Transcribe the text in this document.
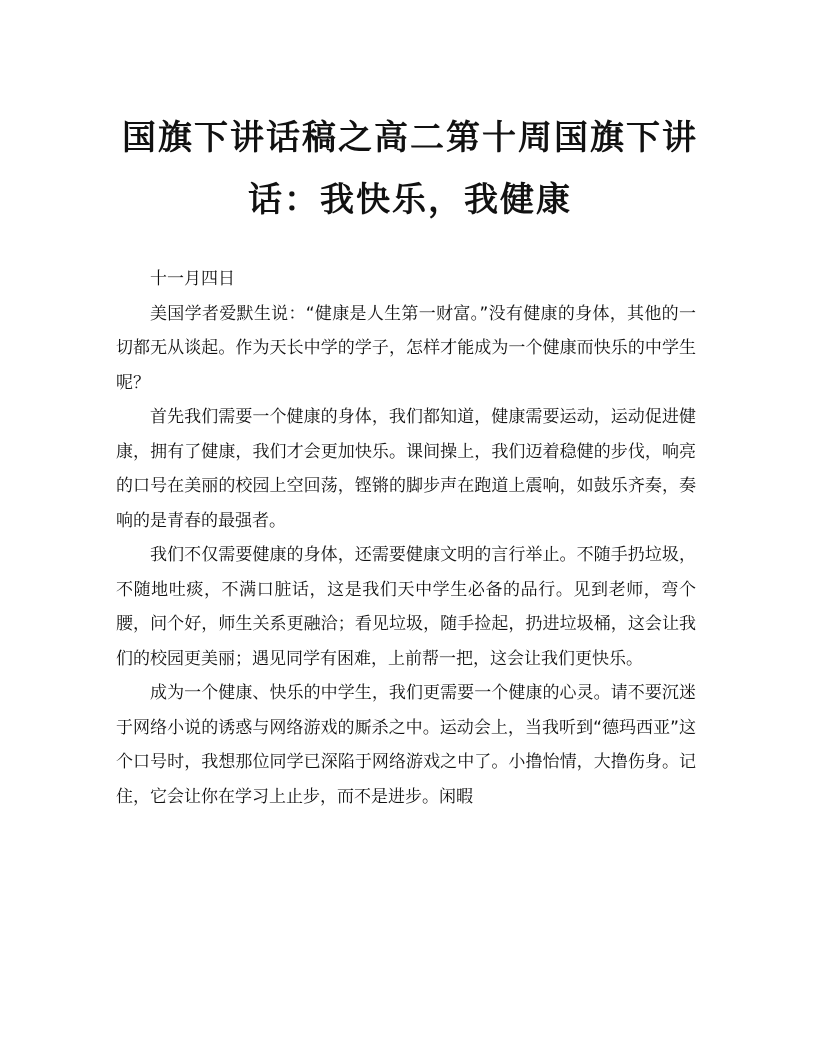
国旗下讲话稿之高二第十周国旗下讲
话：我快乐，我健康

十一月四日

美国学者爱默生说：“健康是人生第一财富。”没有健康的身体，其他的一切都无从谈起。作为天长中学的学子，怎样才能成为一个健康而快乐的中学生呢？

首先我们需要一个健康的身体，我们都知道，健康需要运动，运动促进健康，拥有了健康，我们才会更加快乐。课间操上，我们迈着稳健的步伐，响亮的口号在美丽的校园上空回荡，铿锵的脚步声在跑道上震响，如鼓乐齐奏，奏响的是青春的最强者。

我们不仅需要健康的身体，还需要健康文明的言行举止。不随手扔垃圾，不随地吐痰，不满口脏话，这是我们天中学生必备的品行。见到老师，弯个腰，问个好，师生关系更融洽；看见垃圾，随手捡起，扔进垃圾桶，这会让我们的校园更美丽；遇见同学有困难，上前帮一把，这会让我们更快乐。

成为一个健康、快乐的中学生，我们更需要一个健康的心灵。请不要沉迷于网络小说的诱惑与网络游戏的厮杀之中。运动会上，当我听到“德玛西亚”这个口号时，我想那位同学已深陷于网络游戏之中了。小撸怡情，大撸伤身。记住，它会让你在学习上止步，而不是进步。闲暇
